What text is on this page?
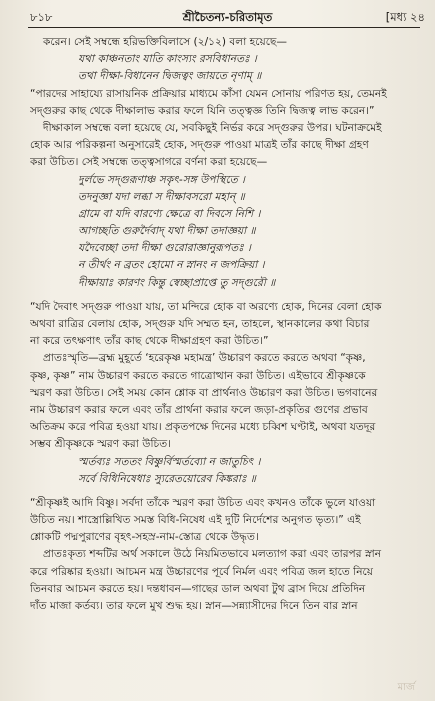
৮১৮	শ্রীচৈতন্য-চরিতামৃত	[মধ্য ২৪
করেন। সেই সম্বন্ধে হরিভক্তিবিলাসে (২/১২) বলা হয়েছে—
যথা কাঞ্চনতাং যাতি কাংস্যং রসবিধানতঃ ।
তথা দীক্ষা-বিধানেন দ্বিজত্বং জায়তে নৃণাম্‌ ॥
“পারদের সাহায্যে রাসায়নিক প্রক্রিয়ার মাধ্যমে কাঁসা যেমন সোনায় পরিণত হয়, তেমনই
সদ্গুরুর কাছ থেকে দীক্ষালাভ করার ফলে যিনি তত্ত্বজ্ঞ তিনি দ্বিজত্ব লাভ করেন।”
দীক্ষাকাল সম্বন্ধে বলা হয়েছে যে, সবকিছুই নির্ভর করে সদ্গুরুর উপর। ঘটনাক্রমেই
হোক আর পরিকল্পনা অনুসারেই হোক, সদ্গুরু পাওয়া মাত্রই তাঁর কাছে দীক্ষা গ্রহণ
করা উচিত। সেই সম্বন্ধে তত্ত্বসাগরে বর্ণনা করা হয়েছে—
দুর্লভে সদ্গুরূণাঞ্চ সকৃৎ-সঙ্গ উপস্থিতে ।
তদনুজ্ঞা যদা লব্ধা স দীক্ষাবসরো মহান্‌ ॥
গ্রামে বা যদি বারণ্যে ক্ষেত্রে বা দিবসে নিশি ।
আগচ্ছতি গুরুর্দৈবাদ্‌ যথা দীক্ষা তদাজ্ঞয়া ॥
যদৈবেচ্ছা তদা দীক্ষা গুরোরাজ্ঞানুরূপতঃ ।
ন তীর্থং ন ব্রতং হোমো ন স্নানং ন জপক্রিয়া ।
দীক্ষায়াঃ কারণং কিন্তু স্বেচ্ছাপ্রাপ্তে তু সদ্গুরৌ ॥
“যদি দৈবাৎ সদ্গুরু পাওয়া যায়, তা মন্দিরে হোক বা অরণ্যে হোক, দিনের বেলা হোক
অথবা রাত্রির বেলায় হোক, সদ্গুরু যদি সম্মত হন, তাহলে, স্থানকালের কথা বিচার
না করে তৎক্ষণাৎ তাঁর কাছ থেকে দীক্ষাগ্রহণ করা উচিত।”
প্রাতঃস্মৃতি—ব্রহ্ম মুহূর্তে ‘হরেকৃষ্ণ মহামন্ত্র’ উচ্চারণ করতে করতে অথবা “কৃষ্ণ,
কৃষ্ণ, কৃষ্ণ” নাম উচ্চারণ করতে করতে গাত্রোত্থান করা উচিত। এইভাবে শ্রীকৃষ্ণকে
স্মরণ করা উচিত। সেই সময় কোন শ্লোক বা প্রার্থনাও উচ্চারণ করা উচিত। ভগবানের
নাম উচ্চারণ করার ফলে এবং তাঁর প্রার্থনা করার ফলে জড়া-প্রকৃতির গুণের প্রভাব
অতিক্রম করে পবিত্র হওয়া যায়। প্রকৃতপক্ষে দিনের মধ্যে চব্বিশ ঘণ্টাই, অথবা যতদূর
সম্ভব শ্রীকৃষ্ণকে স্মরণ করা উচিত।
স্মর্তব্যঃ সততং বিষ্ণুর্বিস্মর্তব্যো ন জাতুচিৎ ।
সর্বে বিধিনিষেধাঃ স্যুরেতয়োরেব কিঙ্করাঃ ॥
“শ্রীকৃষ্ণই আদি বিষ্ণু। সর্বদা তাঁকে স্মরণ করা উচিত এবং কখনও তাঁকে ভুলে যাওয়া
উচিত নয়। শাস্ত্রোল্লিখিত সমস্ত বিধি-নিষেধ এই দুটি নির্দেশের অনুগত ভৃত্য।” এই
শ্লোকটি পদ্মপুরাণের বৃহৎ-সহস্র-নাম-স্তোত্র থেকে উদ্ধৃত।
প্রাতঃকৃত্য শব্দটির অর্থ সকালে উঠে নিয়মিতভাবে মলত্যাগ করা এবং তারপর স্নান
করে পরিষ্কার হওয়া। আচমন মন্ত্র উচ্চারণের পূর্বে নির্মল এবং পবিত্র জল হাতে নিয়ে
তিনবার আচমন করতে হয়। দন্তধাবন—গাছের ডাল অথবা টুথ ব্রাস দিয়ে প্রতিদিন
দাঁত মাজা কর্তব্য। তার ফলে মুখ শুদ্ধ হয়। স্নান—সন্ন্যাসীদের দিনে তিন বার স্নান
মার্জ
